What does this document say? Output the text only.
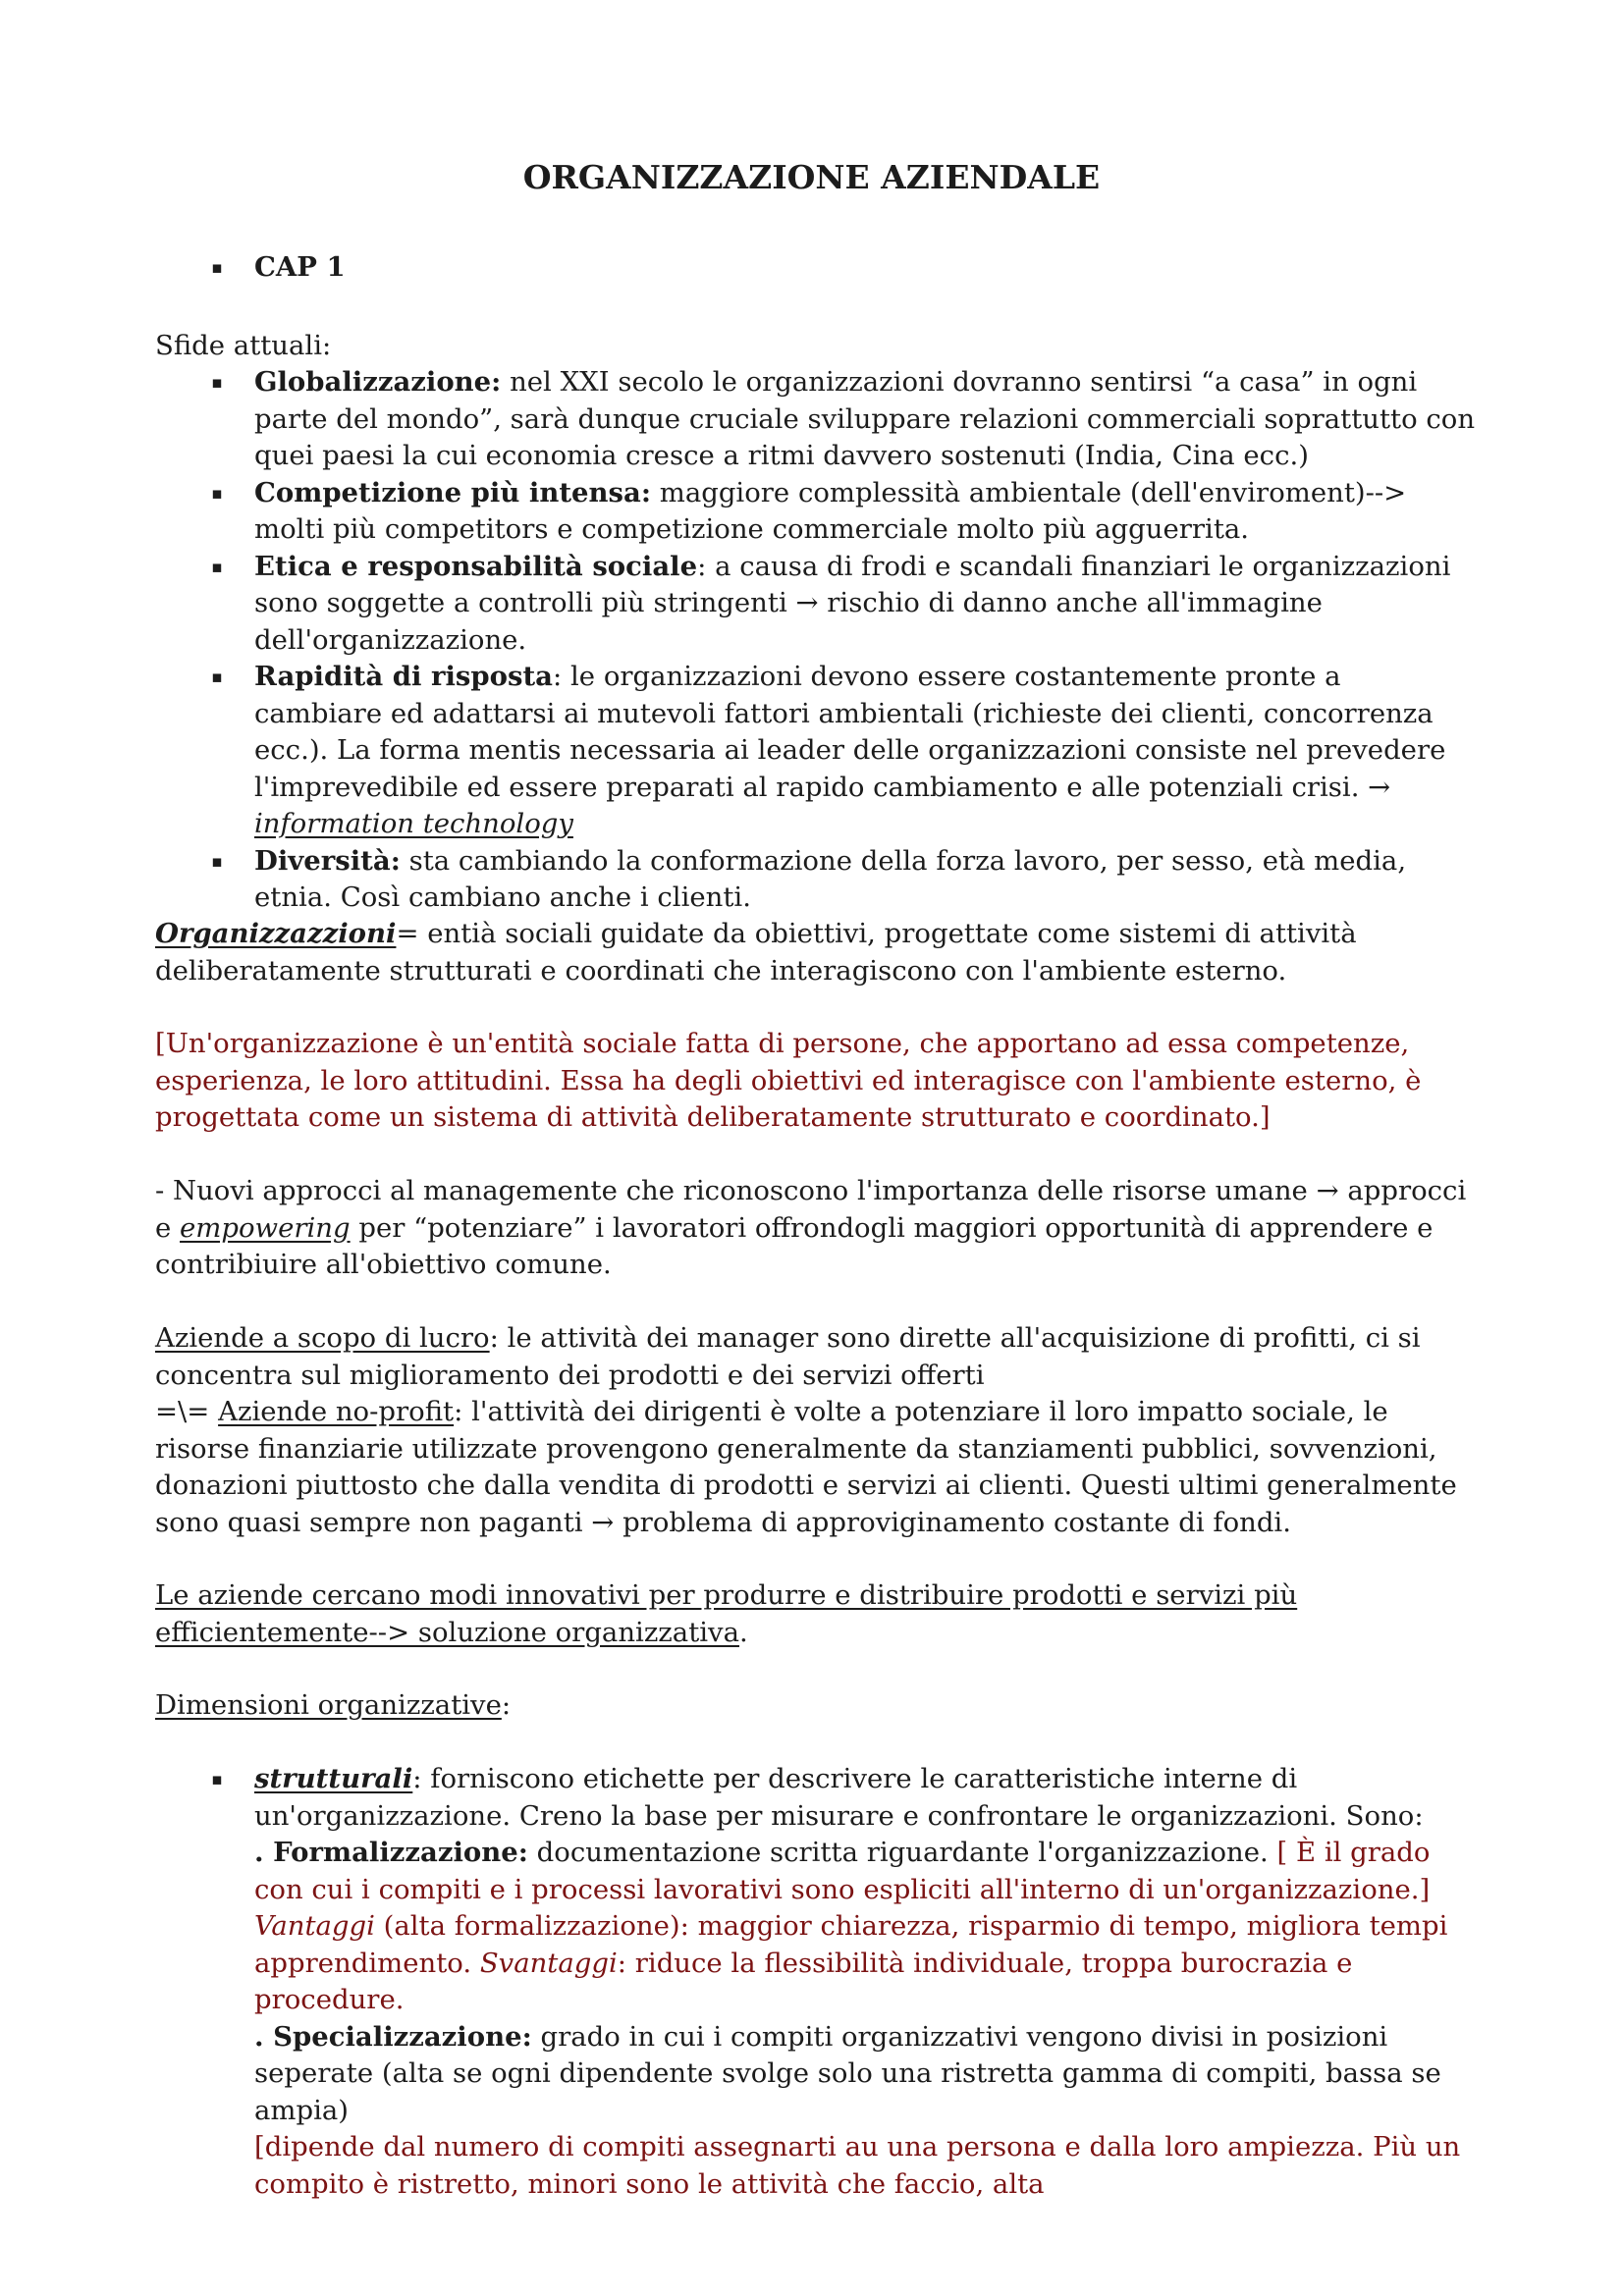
ORGANIZZAZIONE AZIENDALE
▪
CAP 1
Sfide attuali:
▪
Globalizzazione: nel XXI secolo le organizzazioni dovranno sentirsi “a casa” in ogni parte del mondo”, sarà dunque cruciale sviluppare relazioni commerciali soprattutto con quei paesi la cui economia cresce a ritmi davvero sostenuti (India, Cina ecc.)
▪
Competizione più intensa: maggiore complessità ambientale (dell'enviroment)--> molti più competitors e competizione commerciale molto più agguerrita.
▪
Etica e responsabilità sociale: a causa di frodi e scandali finanziari le organizzazioni sono soggette a controlli più stringenti → rischio di danno anche all'immagine dell'organizzazione.
▪
Rapidità di risposta: le organizzazioni devono essere costantemente pronte a cambiare ed adattarsi ai mutevoli fattori ambientali (richieste dei clienti, concorrenza ecc.). La forma mentis necessaria ai leader delle organizzazioni consiste nel prevedere l'imprevedibile ed essere preparati al rapido cambiamento e alle potenziali crisi. → information technology
▪
Diversità: sta cambiando la conformazione della forza lavoro, per sesso, età media, etnia. Così cambiano anche i clienti.
Organizzazzioni= entià sociali guidate da obiettivi, progettate come sistemi di attività deliberatamente strutturati e coordinati che interagiscono con l'ambiente esterno.
[Un'organizzazione è un'entità sociale fatta di persone, che apportano ad essa competenze, esperienza, le loro attitudini. Essa ha degli obiettivi ed interagisce con l'ambiente esterno, è progettata come un sistema di attività deliberatamente strutturato e coordinato.]
- Nuovi approcci al managemente che riconoscono l'importanza delle risorse umane → approcci e empowering per “potenziare” i lavoratori offrondogli maggiori opportunità di apprendere e contribiuire all'obiettivo comune.
Aziende a scopo di lucro: le attività dei manager sono dirette all'acquisizione di profitti, ci si concentra sul miglioramento dei prodotti e dei servizi offerti
=\= Aziende no-profit: l'attività dei dirigenti è volte a potenziare il loro impatto sociale, le risorse finanziarie utilizzate provengono generalmente da stanziamenti pubblici, sovvenzioni, donazioni piuttosto che dalla vendita di prodotti e servizi ai clienti. Questi ultimi generalmente sono quasi sempre non paganti → problema di approviginamento costante di fondi.
Le aziende cercano modi innovativi per produrre e distribuire prodotti e servizi più efficientemente--> soluzione organizzativa.
Dimensioni organizzative:
▪
strutturali: forniscono etichette per descrivere le caratteristiche interne di un'organizzazione. Creno la base per misurare e confrontare le organizzazioni. Sono:
. Formalizzazione: documentazione scritta riguardante l'organizzazione. [ È il grado con cui i compiti e i processi lavorativi sono espliciti all'interno di un'organizzazione.]
Vantaggi (alta formalizzazione): maggior chiarezza, risparmio di tempo, migliora tempi apprendimento. Svantaggi: riduce la flessibilità individuale, troppa burocrazia e procedure.
. Specializzazione: grado in cui i compiti organizzativi vengono divisi in posizioni seperate (alta se ogni dipendente svolge solo una ristretta gamma di compiti, bassa se ampia)
[dipende dal numero di compiti assegnarti au una persona e dalla loro ampiezza. Più un compito è ristretto, minori sono le attività che faccio, alta
